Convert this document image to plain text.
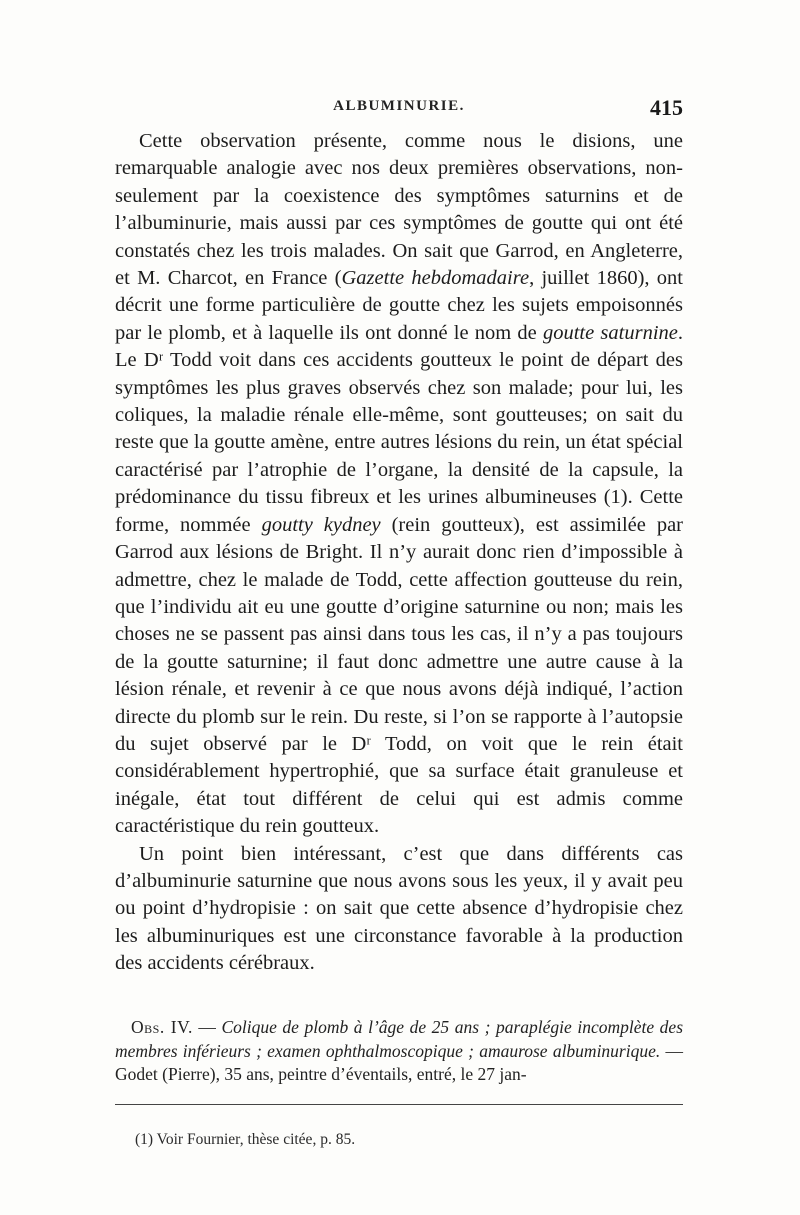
ALBUMINURIE.	415

Cette observation présente, comme nous le disions, une remarquable analogie avec nos deux premières observations, non-seulement par la coexistence des symptômes saturnins et de l’albuminurie, mais aussi par ces symptômes de goutte qui ont été constatés chez les trois malades. On sait que Garrod, en Angleterre, et M. Charcot, en France (Gazette hebdomadaire, juillet 1860), ont décrit une forme particulière de goutte chez les sujets empoisonnés par le plomb, et à laquelle ils ont donné le nom de goutte saturnine. Le Dʳ Todd voit dans ces accidents goutteux le point de départ des symptômes les plus graves observés chez son malade; pour lui, les coliques, la maladie rénale elle-même, sont goutteuses; on sait du reste que la goutte amène, entre autres lésions du rein, un état spécial caractérisé par l’atrophie de l’organe, la densité de la capsule, la prédominance du tissu fibreux et les urines albumineuses (1). Cette forme, nommée goutty kydney (rein goutteux), est assimilée par Garrod aux lésions de Bright. Il n’y aurait donc rien d’impossible à admettre, chez le malade de Todd, cette affection goutteuse du rein, que l’individu ait eu une goutte d’origine saturnine ou non; mais les choses ne se passent pas ainsi dans tous les cas, il n’y a pas toujours de la goutte saturnine; il faut donc admettre une autre cause à la lésion rénale, et revenir à ce que nous avons déjà indiqué, l’action directe du plomb sur le rein. Du reste, si l’on se rapporte à l’autopsie du sujet observé par le Dʳ Todd, on voit que le rein était considérablement hypertrophié, que sa surface était granuleuse et inégale, état tout différent de celui qui est admis comme caractéristique du rein goutteux.

Un point bien intéressant, c’est que dans différents cas d’albuminurie saturnine que nous avons sous les yeux, il y avait peu ou point d’hydropisie : on sait que cette absence d’hydropisie chez les albuminuriques est une circonstance favorable à la production des accidents cérébraux.

Obs. IV. — Colique de plomb à l’âge de 25 ans ; paraplégie incomplète des membres inférieurs ; examen ophthalmoscopique ; amaurose albuminurique. — Godet (Pierre), 35 ans, peintre d’éventails, entré, le 27 jan-

(1) Voir Fournier, thèse citée, p. 85.
